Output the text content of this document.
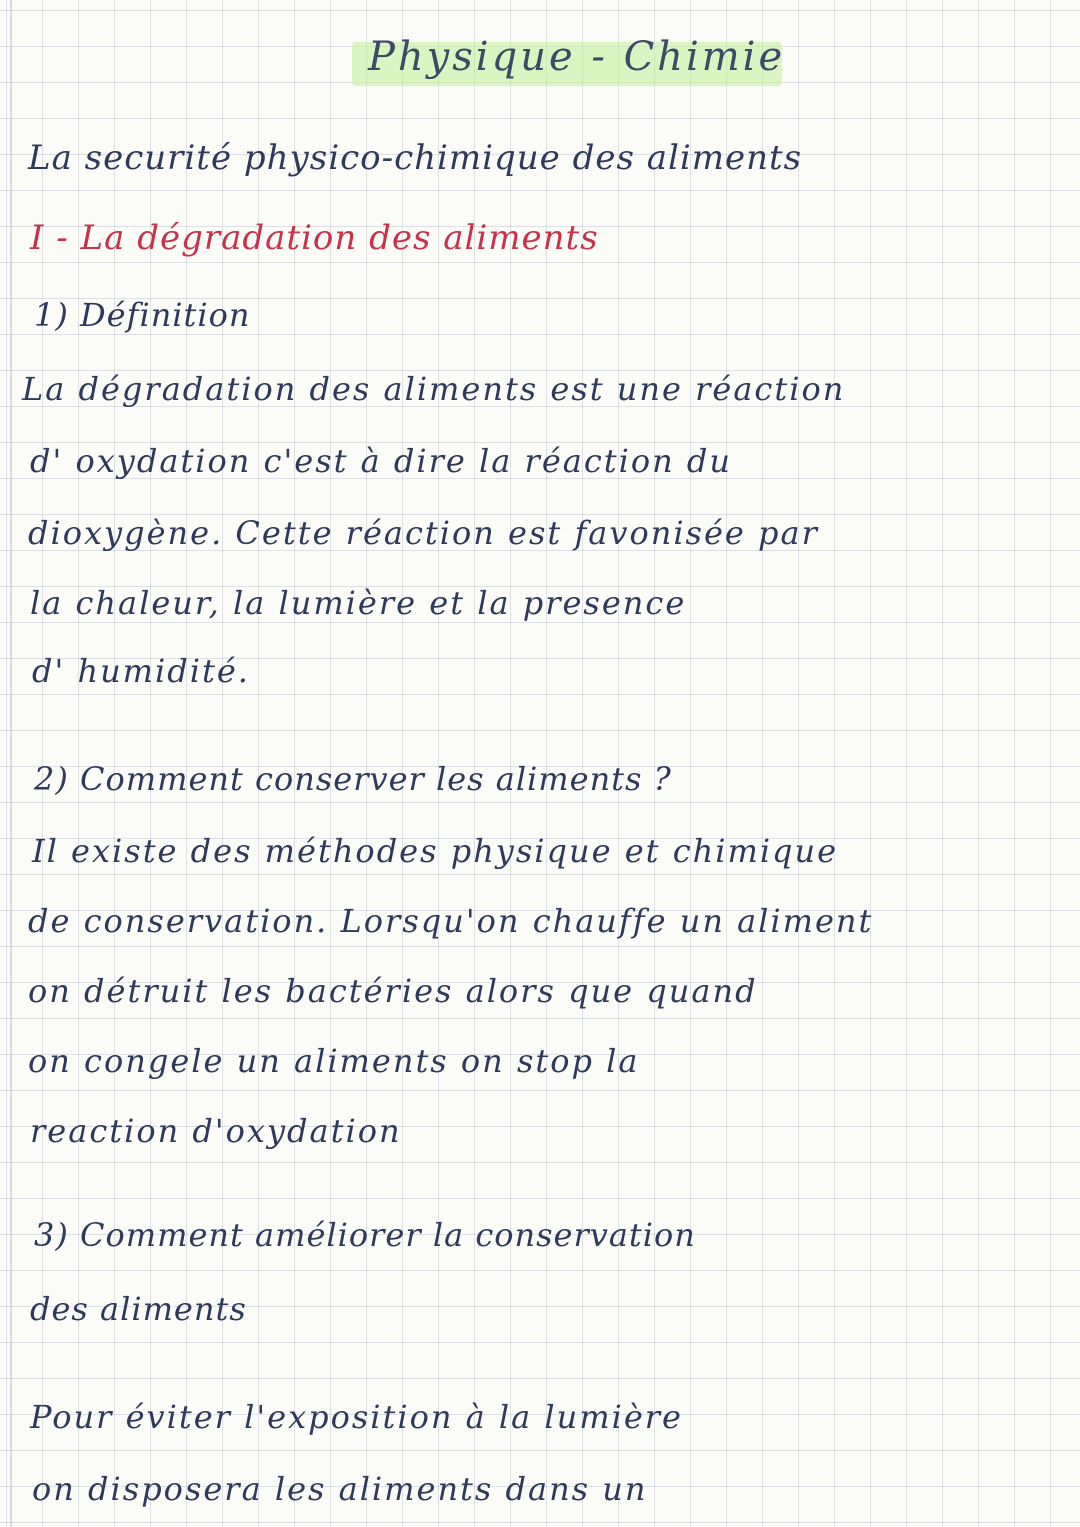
Physique - Chimie
La securité physico-chimique des aliments
I - La dégradation des aliments
1) Définition
La dégradation des aliments est une réaction
d' oxydation c'est à dire la réaction du
dioxygène. Cette réaction est favonisée par
la chaleur, la lumière et la presence
d' humidité.
2) Comment conserver les aliments ?
Il existe des méthodes physique et chimique
de conservation. Lorsqu'on chauffe un aliment
on détruit les bactéries alors que quand
on congele un aliments on stop la
reaction d'oxydation
3) Comment améliorer la conservation
des aliments
Pour éviter l'exposition à la lumière
on disposera les aliments dans un
